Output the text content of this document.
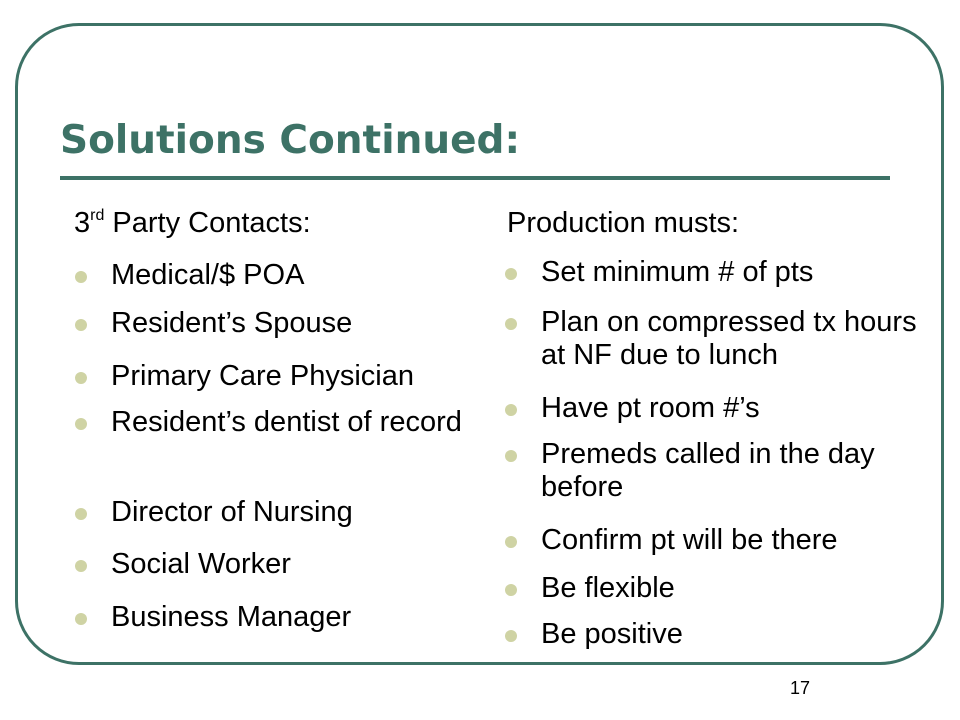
Solutions Continued:

3rd Party Contacts:

Medical/$ POA
Resident’s Spouse
Primary Care Physician
Resident’s dentist of record
Director of Nursing
Social Worker
Business Manager

Production musts:

Set minimum # of pts
Plan on compressed tx hours at NF due to lunch
Have pt room #’s
Premeds called in the day before
Confirm pt will be there
Be flexible
Be positive
17
